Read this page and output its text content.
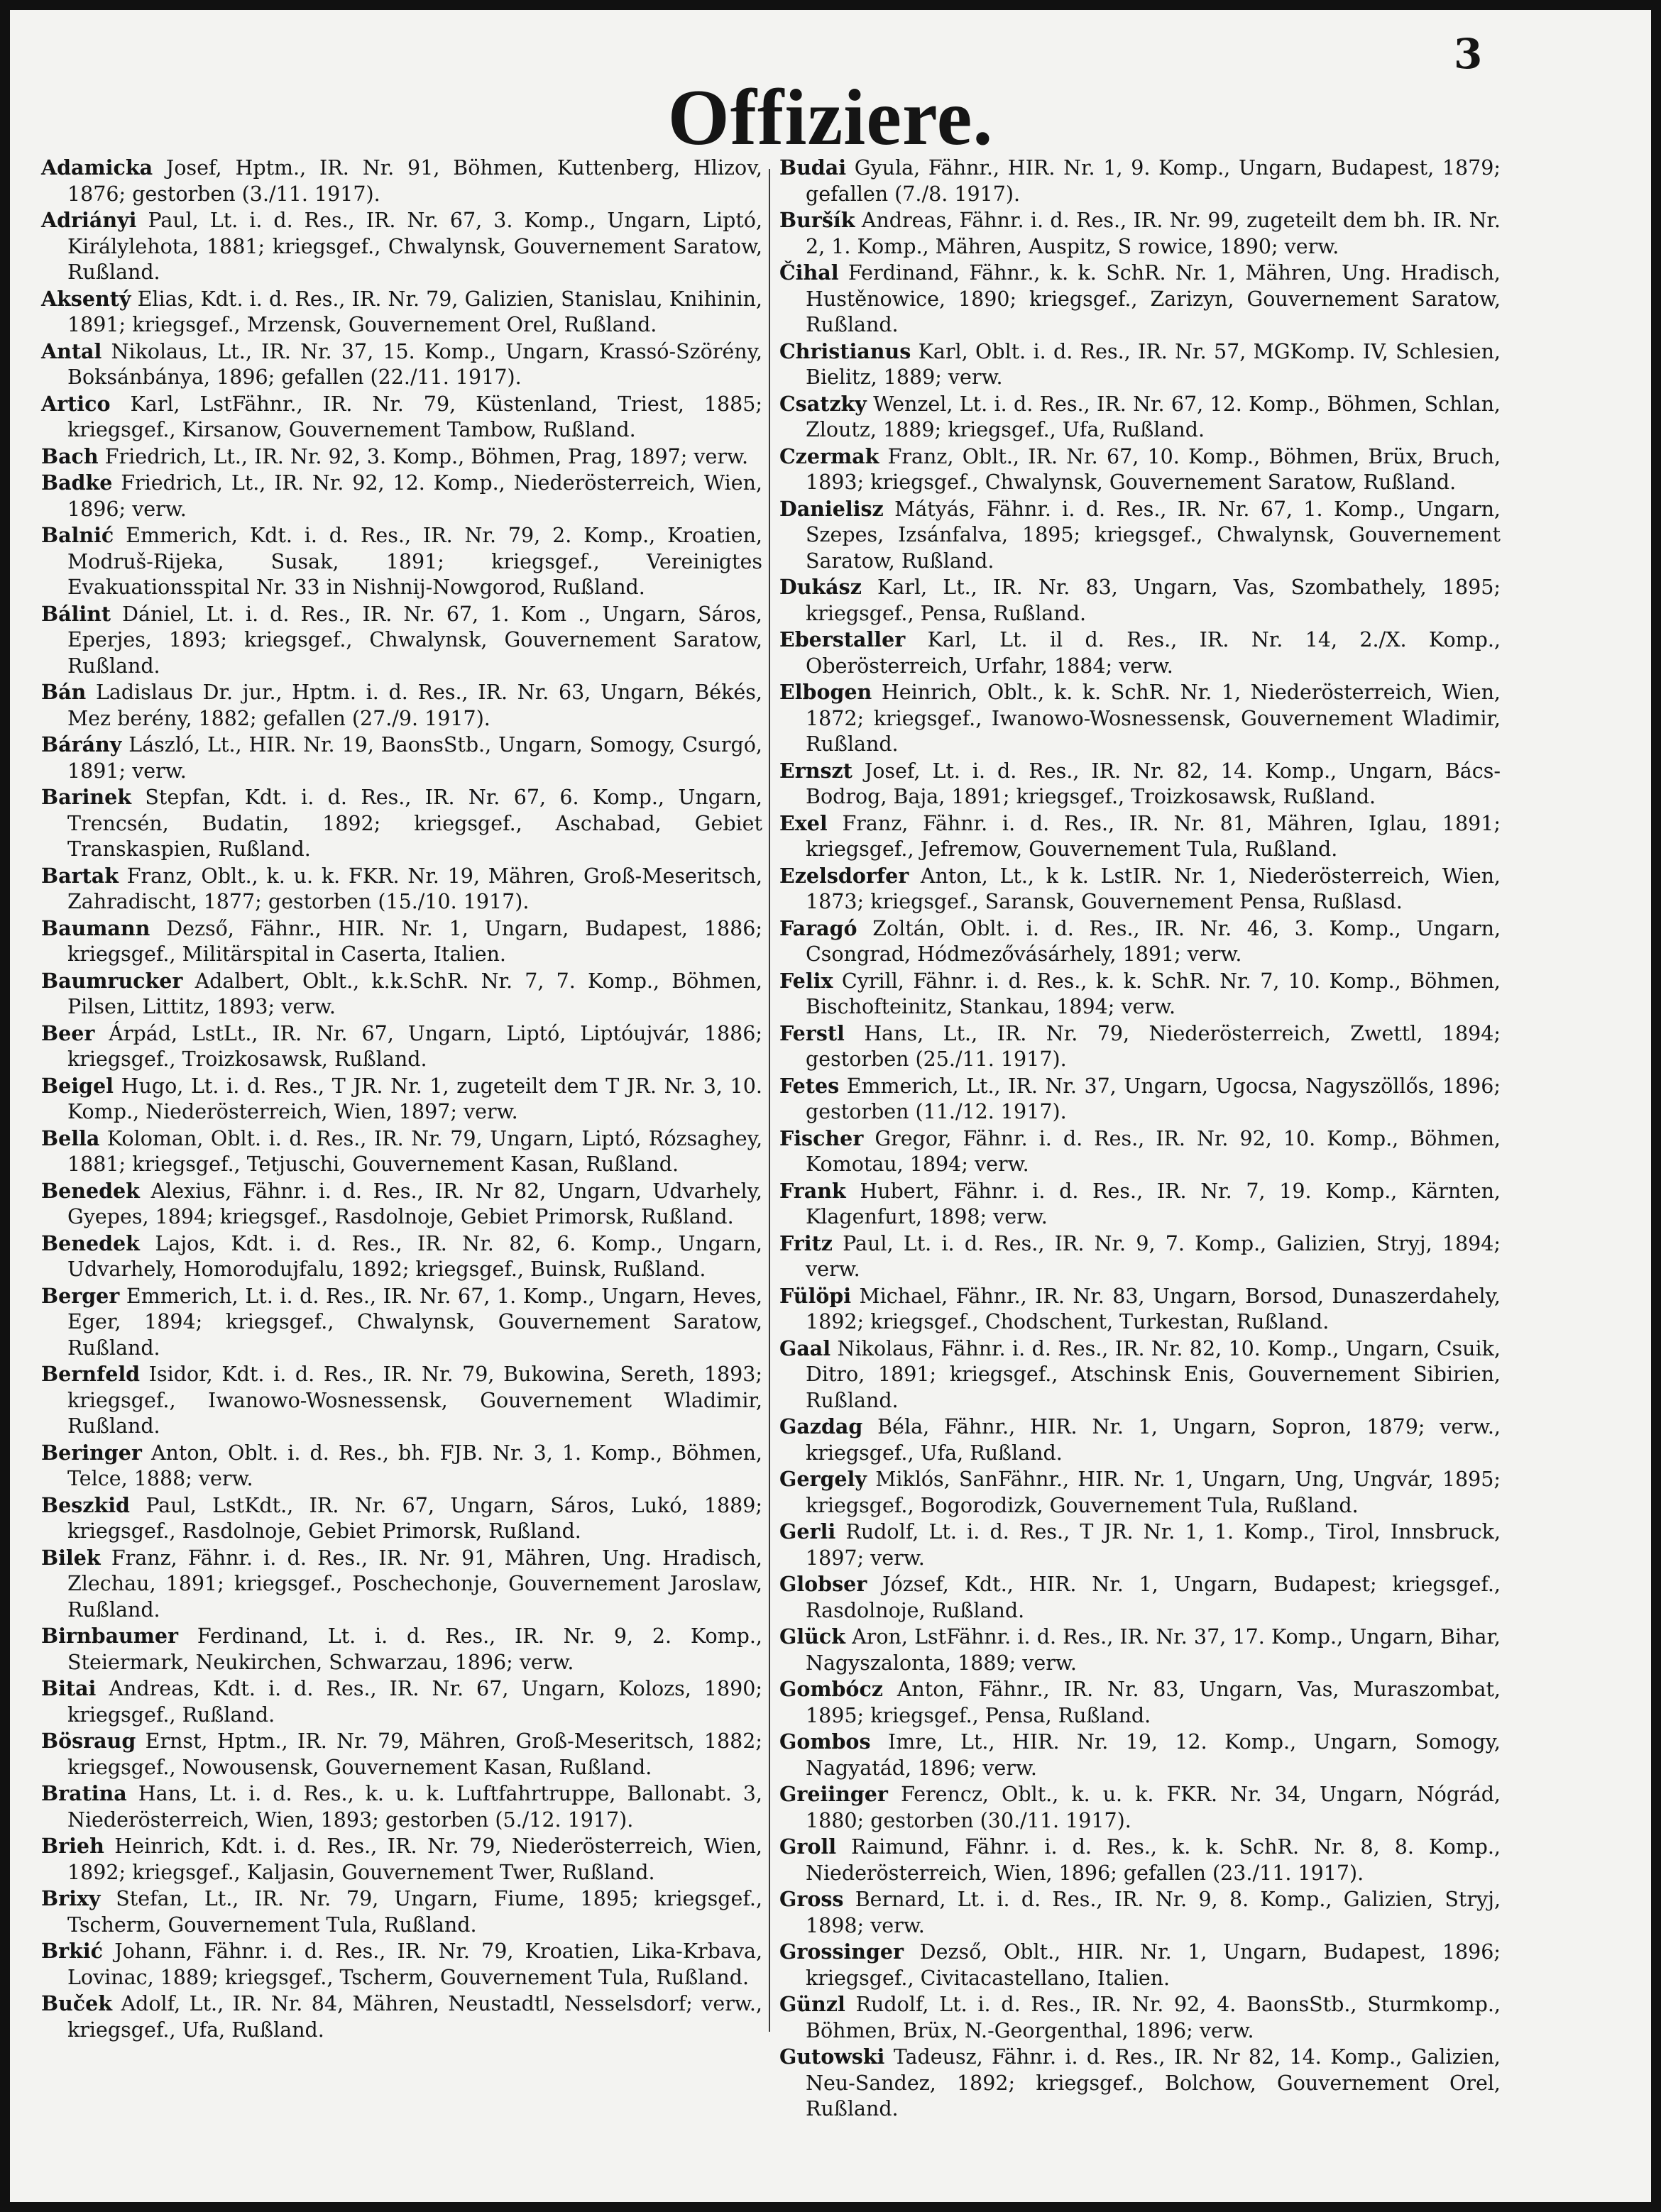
3
Offiziere.
Adamicka Josef, Hptm., IR. Nr. 91, Böhmen, Kuttenberg, Hlizov, 1876; gestorben (3./11. 1917).
Adriányi Paul, Lt. i. d. Res., IR. Nr. 67, 3. Komp., Ungarn, Liptó, Királylehota, 1881; kriegsgef., Chwalynsk, Gouvernement Saratow, Rußland.
Aksentý Elias, Kdt. i. d. Res., IR. Nr. 79, Galizien, Stanislau, Knihinin, 1891; kriegsgef., Mrzensk, Gouvernement Orel, Rußland.
Antal Nikolaus, Lt., IR. Nr. 37, 15. Komp., Ungarn, Krassó-Szörény, Boksánbánya, 1896; gefallen (22./11. 1917).
Artico Karl, LstFähnr., IR. Nr. 79, Küstenland, Triest, 1885; kriegsgef., Kirsanow, Gouvernement Tambow, Rußland.
Bach Friedrich, Lt., IR. Nr. 92, 3. Komp., Böhmen, Prag, 1897; verw.
Badke Friedrich, Lt., IR. Nr. 92, 12. Komp., Niederösterreich, Wien, 1896; verw.
Balnić Emmerich, Kdt. i. d. Res., IR. Nr. 79, 2. Komp., Kroatien, Modruš-Rijeka, Susak, 1891; kriegsgef., Vereinigtes Evakuationsspital Nr. 33 in Nishnij-Nowgorod, Rußland.
Bálint Dániel, Lt. i. d. Res., IR. Nr. 67, 1. Kom ., Ungarn, Sáros, Eperjes, 1893; kriegsgef., Chwalynsk, Gouvernement Saratow, Rußland.
Bán Ladislaus Dr. jur., Hptm. i. d. Res., IR. Nr. 63, Ungarn, Békés, Mez berény, 1882; gefallen (27./9. 1917).
Bárány László, Lt., HIR. Nr. 19, BaonsStb., Ungarn, Somogy, Csurgó, 1891; verw.
Barinek Stepfan, Kdt. i. d. Res., IR. Nr. 67, 6. Komp., Ungarn, Trencsén, Budatin, 1892; kriegsgef., Aschabad, Gebiet Transkaspien, Rußland.
Bartak Franz, Oblt., k. u. k. FKR. Nr. 19, Mähren, Groß-Meseritsch, Zahradischt, 1877; gestorben (15./10. 1917).
Baumann Dezső, Fähnr., HIR. Nr. 1, Ungarn, Budapest, 1886; kriegsgef., Militärspital in Caserta, Italien.
Baumrucker Adalbert, Oblt., k.k.SchR. Nr. 7, 7. Komp., Böhmen, Pilsen, Littitz, 1893; verw.
Beer Árpád, LstLt., IR. Nr. 67, Ungarn, Liptó, Liptóujvár, 1886; kriegsgef., Troizkosawsk, Rußland.
Beigel Hugo, Lt. i. d. Res., T JR. Nr. 1, zugeteilt dem T JR. Nr. 3, 10. Komp., Niederösterreich, Wien, 1897; verw.
Bella Koloman, Oblt. i. d. Res., IR. Nr. 79, Ungarn, Liptó, Rózsaghey, 1881; kriegsgef., Tetjuschi, Gouvernement Kasan, Rußland.
Benedek Alexius, Fähnr. i. d. Res., IR. Nr 82, Ungarn, Udvarhely, Gyepes, 1894; kriegsgef., Rasdolnoje, Gebiet Primorsk, Rußland.
Benedek Lajos, Kdt. i. d. Res., IR. Nr. 82, 6. Komp., Ungarn, Udvarhely, Homorodujfalu, 1892; kriegsgef., Buinsk, Rußland.
Berger Emmerich, Lt. i. d. Res., IR. Nr. 67, 1. Komp., Ungarn, Heves, Eger, 1894; kriegsgef., Chwalynsk, Gouvernement Saratow, Rußland.
Bernfeld Isidor, Kdt. i. d. Res., IR. Nr. 79, Bukowina, Sereth, 1893; kriegsgef., Iwanowo-Wosnessensk, Gouvernement Wladimir, Rußland.
Beringer Anton, Oblt. i. d. Res., bh. FJB. Nr. 3, 1. Komp., Böhmen, Telce, 1888; verw.
Beszkid Paul, LstKdt., IR. Nr. 67, Ungarn, Sáros, Lukó, 1889; kriegsgef., Rasdolnoje, Gebiet Primorsk, Rußland.
Bilek Franz, Fähnr. i. d. Res., IR. Nr. 91, Mähren, Ung. Hradisch, Zlechau, 1891; kriegsgef., Poschechonje, Gouvernement Jaroslaw, Rußland.
Birnbaumer Ferdinand, Lt. i. d. Res., IR. Nr. 9, 2. Komp., Steiermark, Neukirchen, Schwarzau, 1896; verw.
Bitai Andreas, Kdt. i. d. Res., IR. Nr. 67, Ungarn, Kolozs, 1890; kriegsgef., Rußland.
Bösraug Ernst, Hptm., IR. Nr. 79, Mähren, Groß-Meseritsch, 1882; kriegsgef., Nowousensk, Gouvernement Kasan, Rußland.
Bratina Hans, Lt. i. d. Res., k. u. k. Luftfahrtruppe, Ballonabt. 3, Niederösterreich, Wien, 1893; gestorben (5./12. 1917).
Brieh Heinrich, Kdt. i. d. Res., IR. Nr. 79, Niederösterreich, Wien, 1892; kriegsgef., Kaljasin, Gouvernement Twer, Rußland.
Brixy Stefan, Lt., IR. Nr. 79, Ungarn, Fiume, 1895; kriegsgef., Tscherm, Gouvernement Tula, Rußland.
Brkić Johann, Fähnr. i. d. Res., IR. Nr. 79, Kroatien, Lika-Krbava, Lovinac, 1889; kriegsgef., Tscherm, Gouvernement Tula, Rußland.
Buček Adolf, Lt., IR. Nr. 84, Mähren, Neustadtl, Nesselsdorf; verw., kriegsgef., Ufa, Rußland.
Budai Gyula, Fähnr., HIR. Nr. 1, 9. Komp., Ungarn, Budapest, 1879; gefallen (7./8. 1917).
Buršík Andreas, Fähnr. i. d. Res., IR. Nr. 99, zugeteilt dem bh. IR. Nr. 2, 1. Komp., Mähren, Auspitz, S rowice, 1890; verw.
Čihal Ferdinand, Fähnr., k. k. SchR. Nr. 1, Mähren, Ung. Hradisch, Hustěnowice, 1890; kriegsgef., Zarizyn, Gouvernement Saratow, Rußland.
Christianus Karl, Oblt. i. d. Res., IR. Nr. 57, MGKomp. IV, Schlesien, Bielitz, 1889; verw.
Csatzky Wenzel, Lt. i. d. Res., IR. Nr. 67, 12. Komp., Böhmen, Schlan, Zloutz, 1889; kriegsgef., Ufa, Rußland.
Czermak Franz, Oblt., IR. Nr. 67, 10. Komp., Böhmen, Brüx, Bruch, 1893; kriegsgef., Chwalynsk, Gouvernement Saratow, Rußland.
Danielisz Mátyás, Fähnr. i. d. Res., IR. Nr. 67, 1. Komp., Ungarn, Szepes, Izsánfalva, 1895; kriegsgef., Chwalynsk, Gouvernement Saratow, Rußland.
Dukász Karl, Lt., IR. Nr. 83, Ungarn, Vas, Szombathely, 1895; kriegsgef., Pensa, Rußland.
Eberstaller Karl, Lt. il d. Res., IR. Nr. 14, 2./X. Komp., Oberösterreich, Urfahr, 1884; verw.
Elbogen Heinrich, Oblt., k. k. SchR. Nr. 1, Niederösterreich, Wien, 1872; kriegsgef., Iwanowo-Wosnessensk, Gouvernement Wladimir, Rußland.
Ernszt Josef, Lt. i. d. Res., IR. Nr. 82, 14. Komp., Ungarn, Bács-Bodrog, Baja, 1891; kriegsgef., Troizkosawsk, Rußland.
Exel Franz, Fähnr. i. d. Res., IR. Nr. 81, Mähren, Iglau, 1891; kriegsgef., Jefremow, Gouvernement Tula, Rußland.
Ezelsdorfer Anton, Lt., k k. LstIR. Nr. 1, Niederösterreich, Wien, 1873; kriegsgef., Saransk, Gouvernement Pensa, Rußlasd.
Faragó Zoltán, Oblt. i. d. Res., IR. Nr. 46, 3. Komp., Ungarn, Csongrad, Hódmezővásárhely, 1891; verw.
Felix Cyrill, Fähnr. i. d. Res., k. k. SchR. Nr. 7, 10. Komp., Böhmen, Bischofteinitz, Stankau, 1894; verw.
Ferstl Hans, Lt., IR. Nr. 79, Niederösterreich, Zwettl, 1894; gestorben (25./11. 1917).
Fetes Emmerich, Lt., IR. Nr. 37, Ungarn, Ugocsa, Nagyszöllős, 1896; gestorben (11./12. 1917).
Fischer Gregor, Fähnr. i. d. Res., IR. Nr. 92, 10. Komp., Böhmen, Komotau, 1894; verw.
Frank Hubert, Fähnr. i. d. Res., IR. Nr. 7, 19. Komp., Kärnten, Klagenfurt, 1898; verw.
Fritz Paul, Lt. i. d. Res., IR. Nr. 9, 7. Komp., Galizien, Stryj, 1894; verw.
Fülöpi Michael, Fähnr., IR. Nr. 83, Ungarn, Borsod, Dunaszerdahely, 1892; kriegsgef., Chodschent, Turkestan, Rußland.
Gaal Nikolaus, Fähnr. i. d. Res., IR. Nr. 82, 10. Komp., Ungarn, Csuik, Ditro, 1891; kriegsgef., Atschinsk Enis, Gouvernement Sibirien, Rußland.
Gazdag Béla, Fähnr., HIR. Nr. 1, Ungarn, Sopron, 1879; verw., kriegsgef., Ufa, Rußland.
Gergely Miklós, SanFähnr., HIR. Nr. 1, Ungarn, Ung, Ungvár, 1895; kriegsgef., Bogorodizk, Gouvernement Tula, Rußland.
Gerli Rudolf, Lt. i. d. Res., T JR. Nr. 1, 1. Komp., Tirol, Innsbruck, 1897; verw.
Globser József, Kdt., HIR. Nr. 1, Ungarn, Budapest; kriegsgef., Rasdolnoje, Rußland.
Glück Aron, LstFähnr. i. d. Res., IR. Nr. 37, 17. Komp., Ungarn, Bihar, Nagyszalonta, 1889; verw.
Gombócz Anton, Fähnr., IR. Nr. 83, Ungarn, Vas, Muraszombat, 1895; kriegsgef., Pensa, Rußland.
Gombos Imre, Lt., HIR. Nr. 19, 12. Komp., Ungarn, Somogy, Nagyatád, 1896; verw.
Greiinger Ferencz, Oblt., k. u. k. FKR. Nr. 34, Ungarn, Nógrád, 1880; gestorben (30./11. 1917).
Groll Raimund, Fähnr. i. d. Res., k. k. SchR. Nr. 8, 8. Komp., Niederösterreich, Wien, 1896; gefallen (23./11. 1917).
Gross Bernard, Lt. i. d. Res., IR. Nr. 9, 8. Komp., Galizien, Stryj, 1898; verw.
Grossinger Dezső, Oblt., HIR. Nr. 1, Ungarn, Budapest, 1896; kriegsgef., Civitacastellano, Italien.
Günzl Rudolf, Lt. i. d. Res., IR. Nr. 92, 4. BaonsStb., Sturmkomp., Böhmen, Brüx, N.-Georgenthal, 1896; verw.
Gutowski Tadeusz, Fähnr. i. d. Res., IR. Nr 82, 14. Komp., Galizien, Neu-Sandez, 1892; kriegsgef., Bolchow, Gouvernement Orel, Rußland.
